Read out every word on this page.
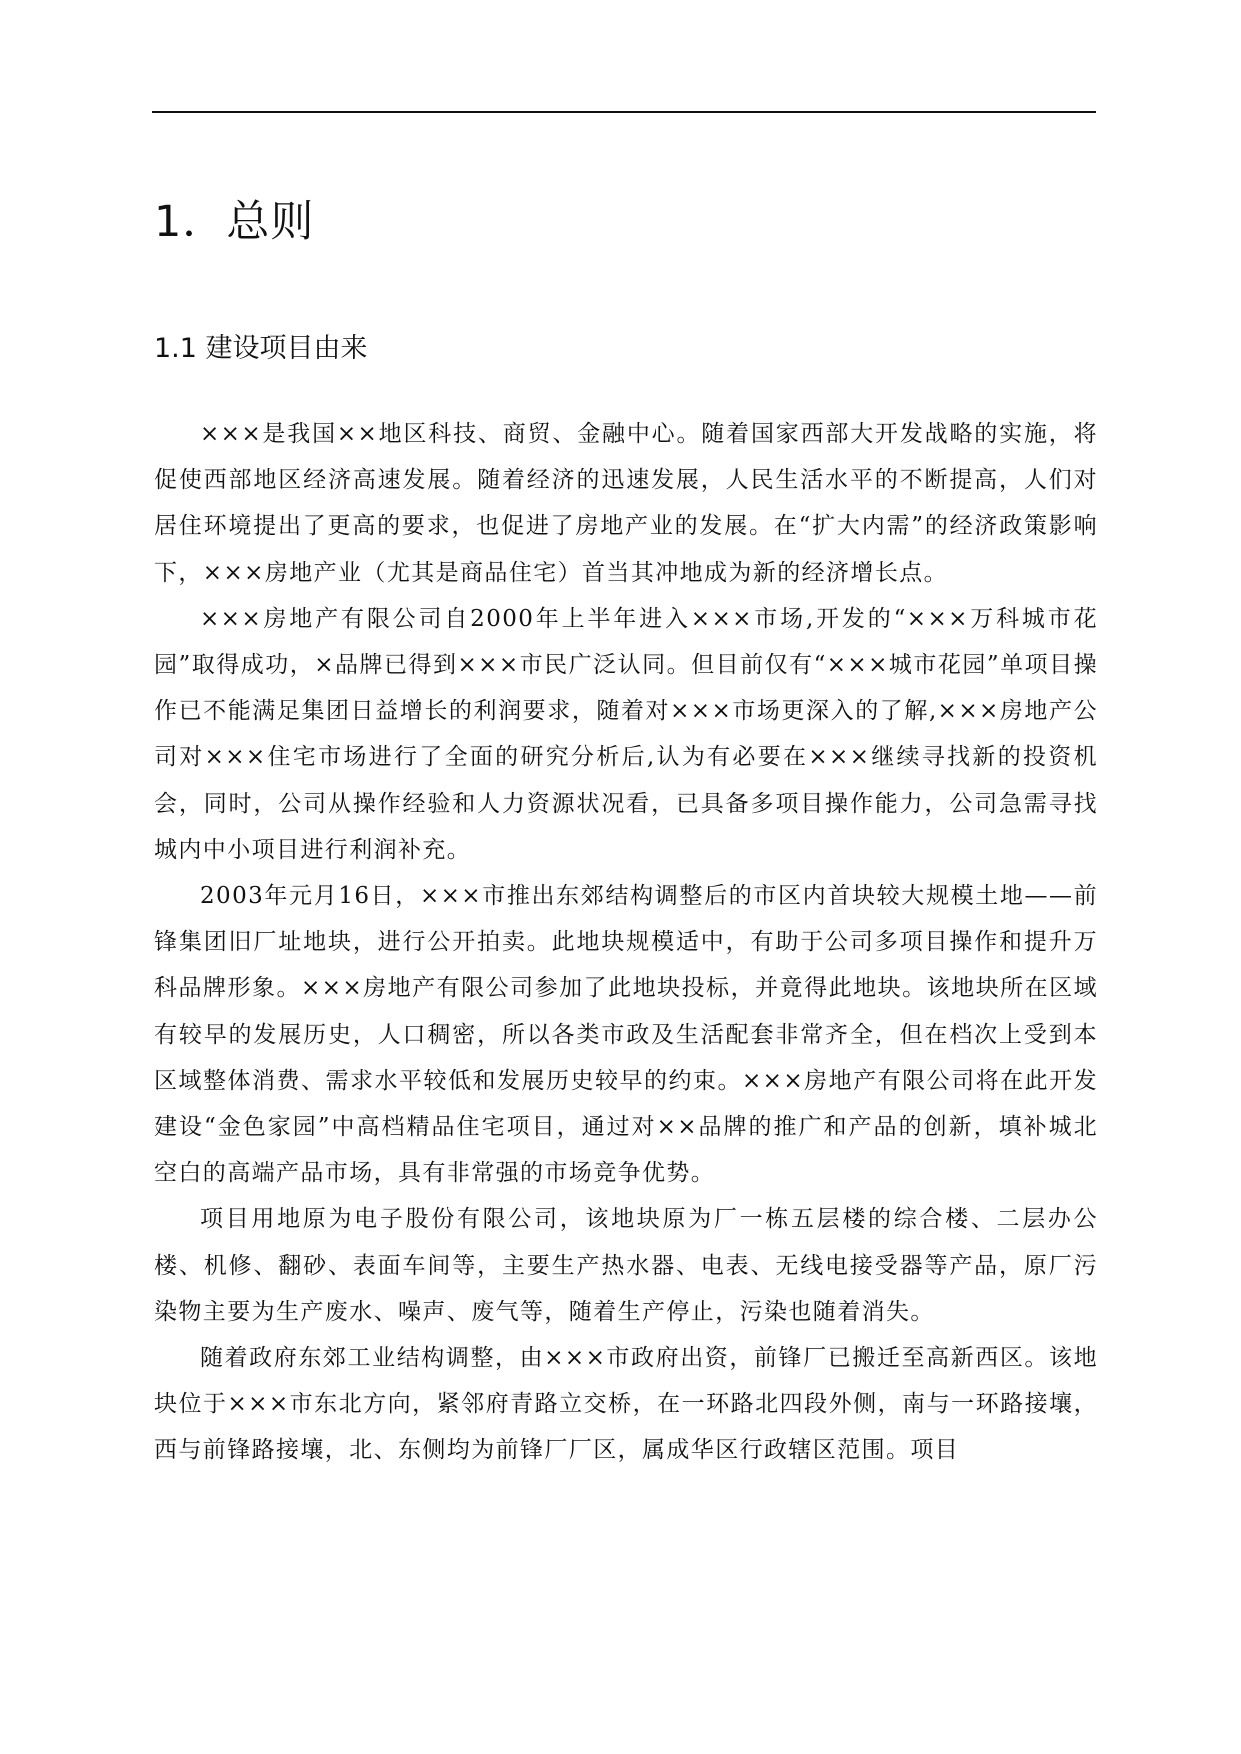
1．总则
1.1 建设项目由来

×××是我国××地区科技、商贸、金融中心。随着国家西部大开发战略的实施，将促使西部地区经济高速发展。随着经济的迅速发展，人民生活水平的不断提高，人们对居住环境提出了更高的要求，也促进了房地产业的发展。在“扩大内需”的经济政策影响下，×××房地产业（尤其是商品住宅）首当其冲地成为新的经济增长点。

×××房地产有限公司自2000年上半年进入×××市场,开发的“×××万科城市花园”取得成功，×品牌已得到×××市民广泛认同。但目前仅有“×××城市花园”单项目操作已不能满足集团日益增长的利润要求，随着对×××市场更深入的了解,×××房地产公司对×××住宅市场进行了全面的研究分析后,认为有必要在×××继续寻找新的投资机会，同时，公司从操作经验和人力资源状况看，已具备多项目操作能力，公司急需寻找城内中小项目进行利润补充。

2003年元月16日，×××市推出东郊结构调整后的市区内首块较大规模土地——前锋集团旧厂址地块，进行公开拍卖。此地块规模适中，有助于公司多项目操作和提升万科品牌形象。×××房地产有限公司参加了此地块投标，并竟得此地块。该地块所在区域有较早的发展历史，人口稠密，所以各类市政及生活配套非常齐全，但在档次上受到本区域整体消费、需求水平较低和发展历史较早的约束。×××房地产有限公司将在此开发建设“金色家园”中高档精品住宅项目，通过对××品牌的推广和产品的创新，填补城北空白的高端产品市场，具有非常强的市场竞争优势。

项目用地原为电子股份有限公司，该地块原为厂一栋五层楼的综合楼、二层办公楼、机修、翻砂、表面车间等，主要生产热水器、电表、无线电接受器等产品，原厂污染物主要为生产废水、噪声、废气等，随着生产停止，污染也随着消失。

随着政府东郊工业结构调整，由×××市政府出资，前锋厂已搬迁至高新西区。该地块位于×××市东北方向，紧邻府青路立交桥，在一环路北四段外侧，南与一环路接壤，西与前锋路接壤，北、东侧均为前锋厂厂区，属成华区行政辖区范围。项目
